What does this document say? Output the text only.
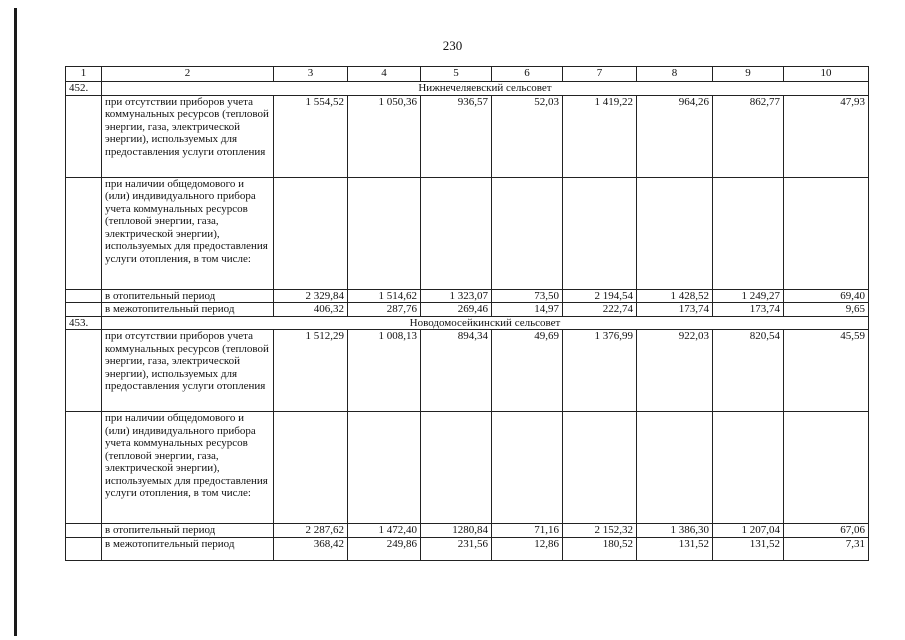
230
1	2	3	4	5	6	7	8	9	10
452.	Нижнечеляевский сельсовет								
	при отсутствии приборов учета коммунальных ресурсов (тепловой энергии, газа, электрической энергии), используемых для предоставления услуги отопления	1 554,52	1 050,36	936,57	52,03	1 419,22	964,26	862,77	47,93
	при наличии общедомового и (или) индивидуального прибора учета коммунальных ресурсов (тепловой энергии, газа, электрической энергии), используемых для предоставления услуги отопления, в том числе:								
	в отопительный период	2 329,84	1 514,62	1 323,07	73,50	2 194,54	1 428,52	1 249,27	69,40
	в межотопительный период	406,32	287,76	269,46	14,97	222,74	173,74	173,74	9,65
453.	Новодомосейкинский сельсовет								
	при отсутствии приборов учета коммунальных ресурсов (тепловой энергии, газа, электрической энергии), используемых для предоставления услуги отопления	1 512,29	1 008,13	894,34	49,69	1 376,99	922,03	820,54	45,59
	при наличии общедомового и (или) индивидуального прибора учета коммунальных ресурсов (тепловой энергии, газа, электрической энергии), используемых для предоставления услуги отопления, в том числе:								
	в отопительный период	2 287,62	1 472,40	1280,84	71,16	2 152,32	1 386,30	1 207,04	67,06
	в межотопительный период	368,42	249,86	231,56	12,86	180,52	131,52	131,52	7,31
